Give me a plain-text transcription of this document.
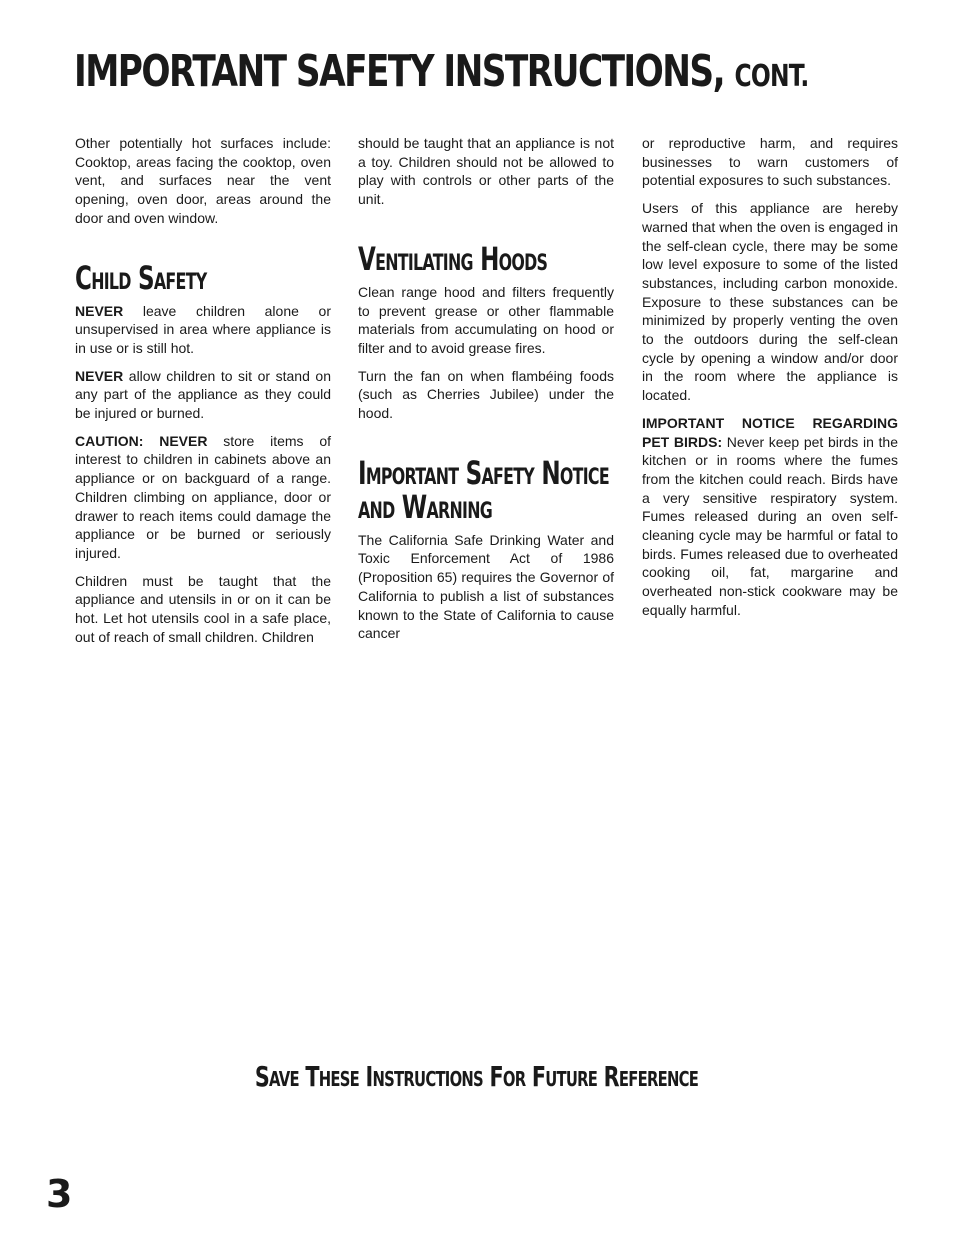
IMPORTANT SAFETY INSTRUCTIONS, CONT.

Other potentially hot surfaces include: Cooktop, areas facing the cooktop, oven vent, and surfaces near the vent opening, oven door, areas around the door and oven window.

Child Safety

NEVER leave children alone or unsupervised in area where appliance is in use or is still hot.

NEVER allow children to sit or stand on any part of the appliance as they could be injured or burned.

CAUTION: NEVER store items of interest to children in cabinets above an appliance or on backguard of a range. Children climbing on appliance, door or drawer to reach items could damage the appliance or be burned or seriously injured.

Children must be taught that the appliance and utensils in or on it can be hot. Let hot utensils cool in a safe place, out of reach of small children. Children

should be taught that an appliance is not a toy. Children should not be allowed to play with controls or other parts of the unit.

Ventilating Hoods

Clean range hood and filters frequently to prevent grease or other flammable materials from accumulating on hood or filter and to avoid grease fires.

Turn the fan on when flambéing foods (such as Cherries Jubilee) under the hood.

Important Safety Notice
and Warning

The California Safe Drinking Water and Toxic Enforcement Act of 1986 (Proposition 65) requires the Governor of California to publish a list of substances known to the State of California to cause cancer

or reproductive harm, and requires businesses to warn customers of potential exposures to such substances.

Users of this appliance are hereby warned that when the oven is engaged in the self-clean cycle, there may be some low level exposure to some of the listed substances, including carbon monoxide. Exposure to these substances can be minimized by properly venting the oven to the outdoors during the self-clean cycle by opening a window and/or door in the room where the appliance is located.

IMPORTANT NOTICE REGARDING PET BIRDS: Never keep pet birds in the kitchen or in rooms where the fumes from the kitchen could reach. Birds have a very sensitive respiratory system. Fumes released during an oven self-cleaning cycle may be harmful or fatal to birds. Fumes released due to overheated cooking oil, fat, margarine and overheated non-stick cookware may be equally harmful.

Save These Instructions For Future Reference
3
